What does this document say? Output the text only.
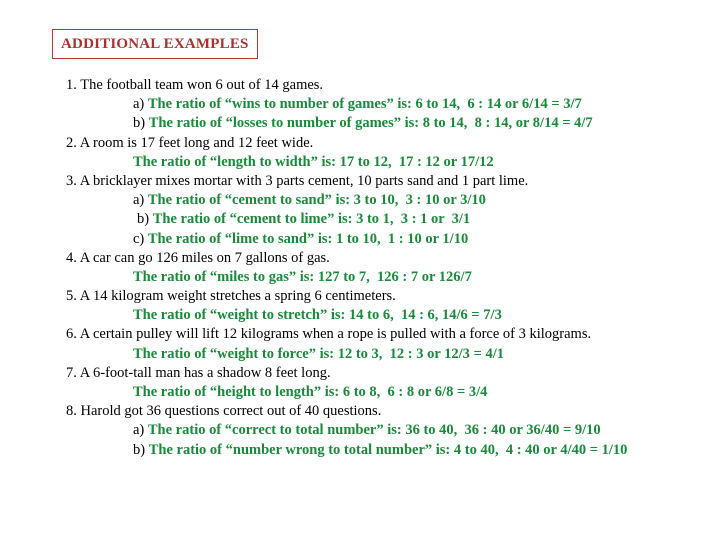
ADDITIONAL EXAMPLES
1. The football team won 6 out of 14 games.
a) The ratio of “wins to number of games” is: 6 to 14,  6 : 14 or 6/14 = 3/7
b) The ratio of “losses to number of games” is: 8 to 14,  8 : 14, or 8/14 = 4/7
2. A room is 17 feet long and 12 feet wide.
The ratio of “length to width” is: 17 to 12,  17 : 12 or 17/12
3. A bricklayer mixes mortar with 3 parts cement, 10 parts sand and 1 part lime.
a) The ratio of “cement to sand” is: 3 to 10,  3 : 10 or 3/10
b) The ratio of “cement to lime” is: 3 to 1,  3 : 1 or  3/1
c) The ratio of “lime to sand” is: 1 to 10,  1 : 10 or 1/10
4. A car can go 126 miles on 7 gallons of gas.
The ratio of “miles to gas” is: 127 to 7,  126 : 7 or 126/7
5. A 14 kilogram weight stretches a spring 6 centimeters.
The ratio of “weight to stretch” is: 14 to 6,  14 : 6, 14/6 = 7/3
6. A certain pulley will lift 12 kilograms when a rope is pulled with a force of 3 kilograms.
The ratio of “weight to force” is: 12 to 3,  12 : 3 or 12/3 = 4/1
7. A 6-foot-tall man has a shadow 8 feet long.
The ratio of “height to length” is: 6 to 8,  6 : 8 or 6/8 = 3/4
8. Harold got 36 questions correct out of 40 questions.
a) The ratio of “correct to total number” is: 36 to 40,  36 : 40 or 36/40 = 9/10
b) The ratio of “number wrong to total number” is: 4 to 40,  4 : 40 or 4/40 = 1/10
